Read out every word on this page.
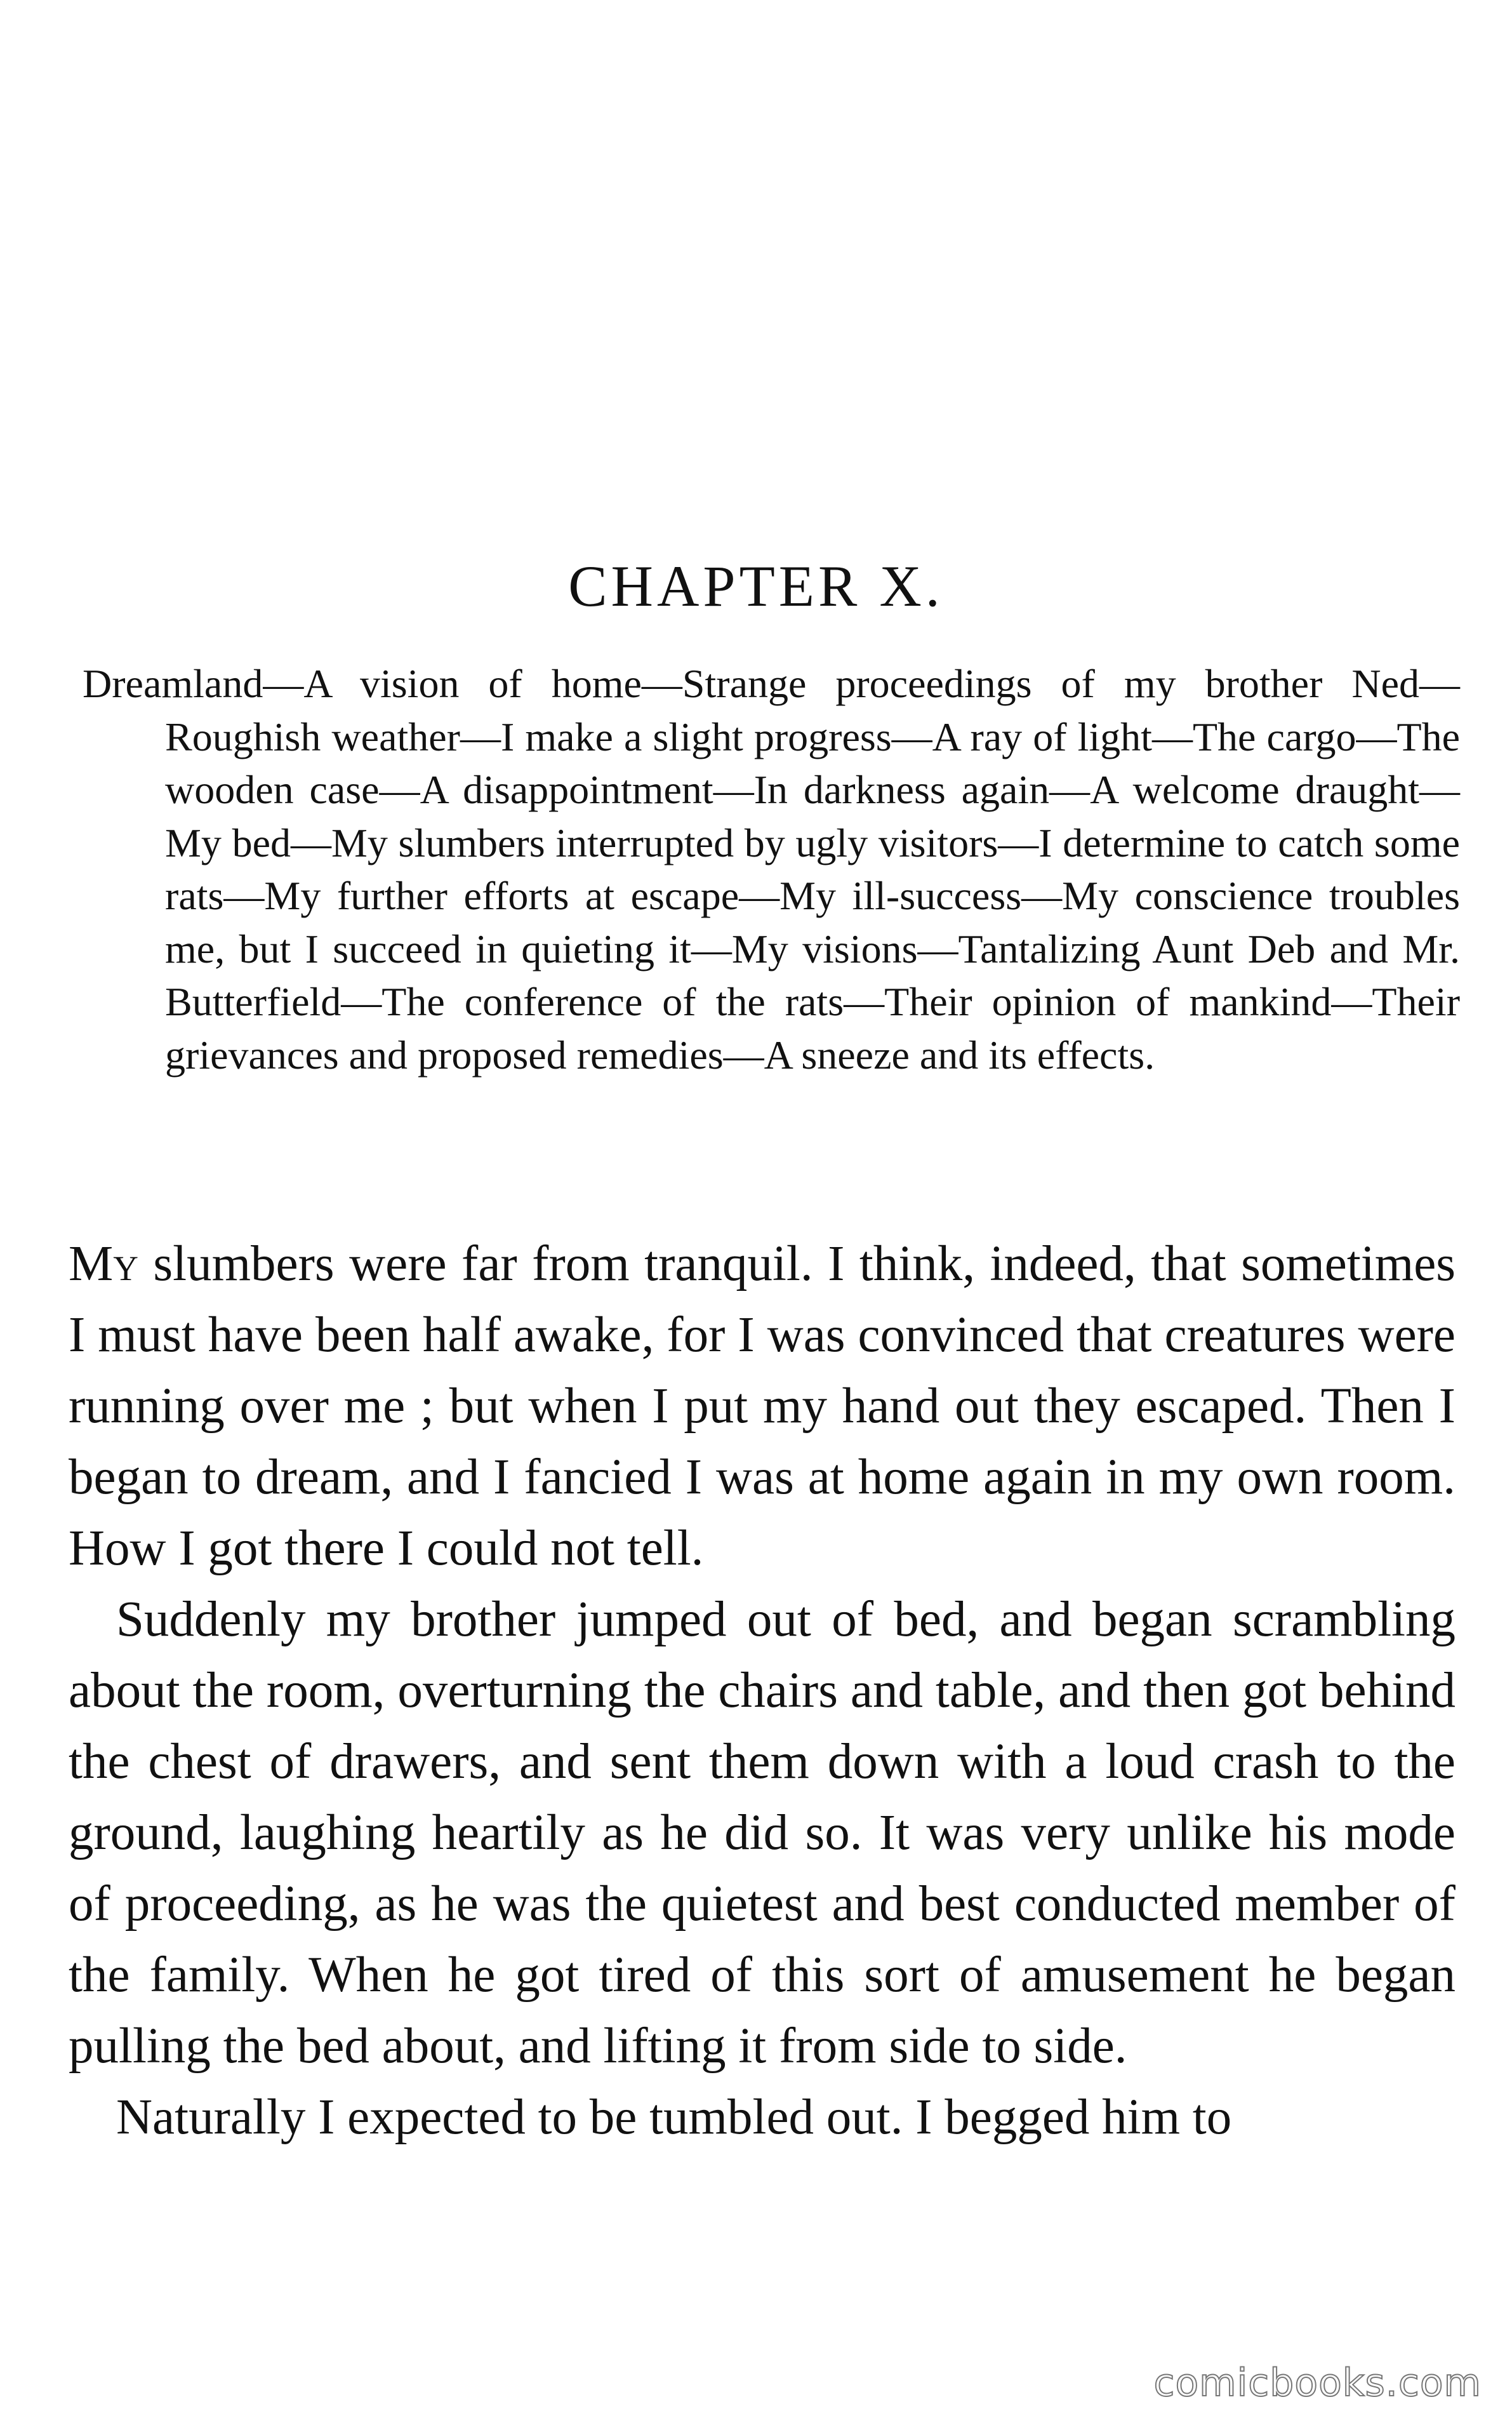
CHAPTER X.

Dreamland—A vision of home—Strange proceedings of my brother Ned—Roughish weather—I make a slight progress—A ray of light—The cargo—The wooden case—A disappointment—In darkness again—A welcome draught—My bed—My slumbers interrupted by ugly visitors—I determine to catch some rats—My further efforts at escape—My ill-success—My conscience troubles me, but I succeed in quieting it—My visions—Tantalizing Aunt Deb and Mr. Butterfield—The conference of the rats—Their opinion of mankind—Their grievances and proposed remedies—A sneeze and its effects.

My slumbers were far from tranquil. I think, indeed, that sometimes I must have been half awake, for I was convinced that creatures were running over me ; but when I put my hand out they escaped. Then I began to dream, and I fancied I was at home again in my own room. How I got there I could not tell.

Suddenly my brother jumped out of bed, and began scrambling about the room, overturning the chairs and table, and then got behind the chest of drawers, and sent them down with a loud crash to the ground, laughing heartily as he did so. It was very unlike his mode of proceeding, as he was the quietest and best conducted member of the family. When he got tired of this sort of amusement he began pulling the bed about, and lifting it from side to side.

Naturally I expected to be tumbled out. I begged him to

comicbooks.com
